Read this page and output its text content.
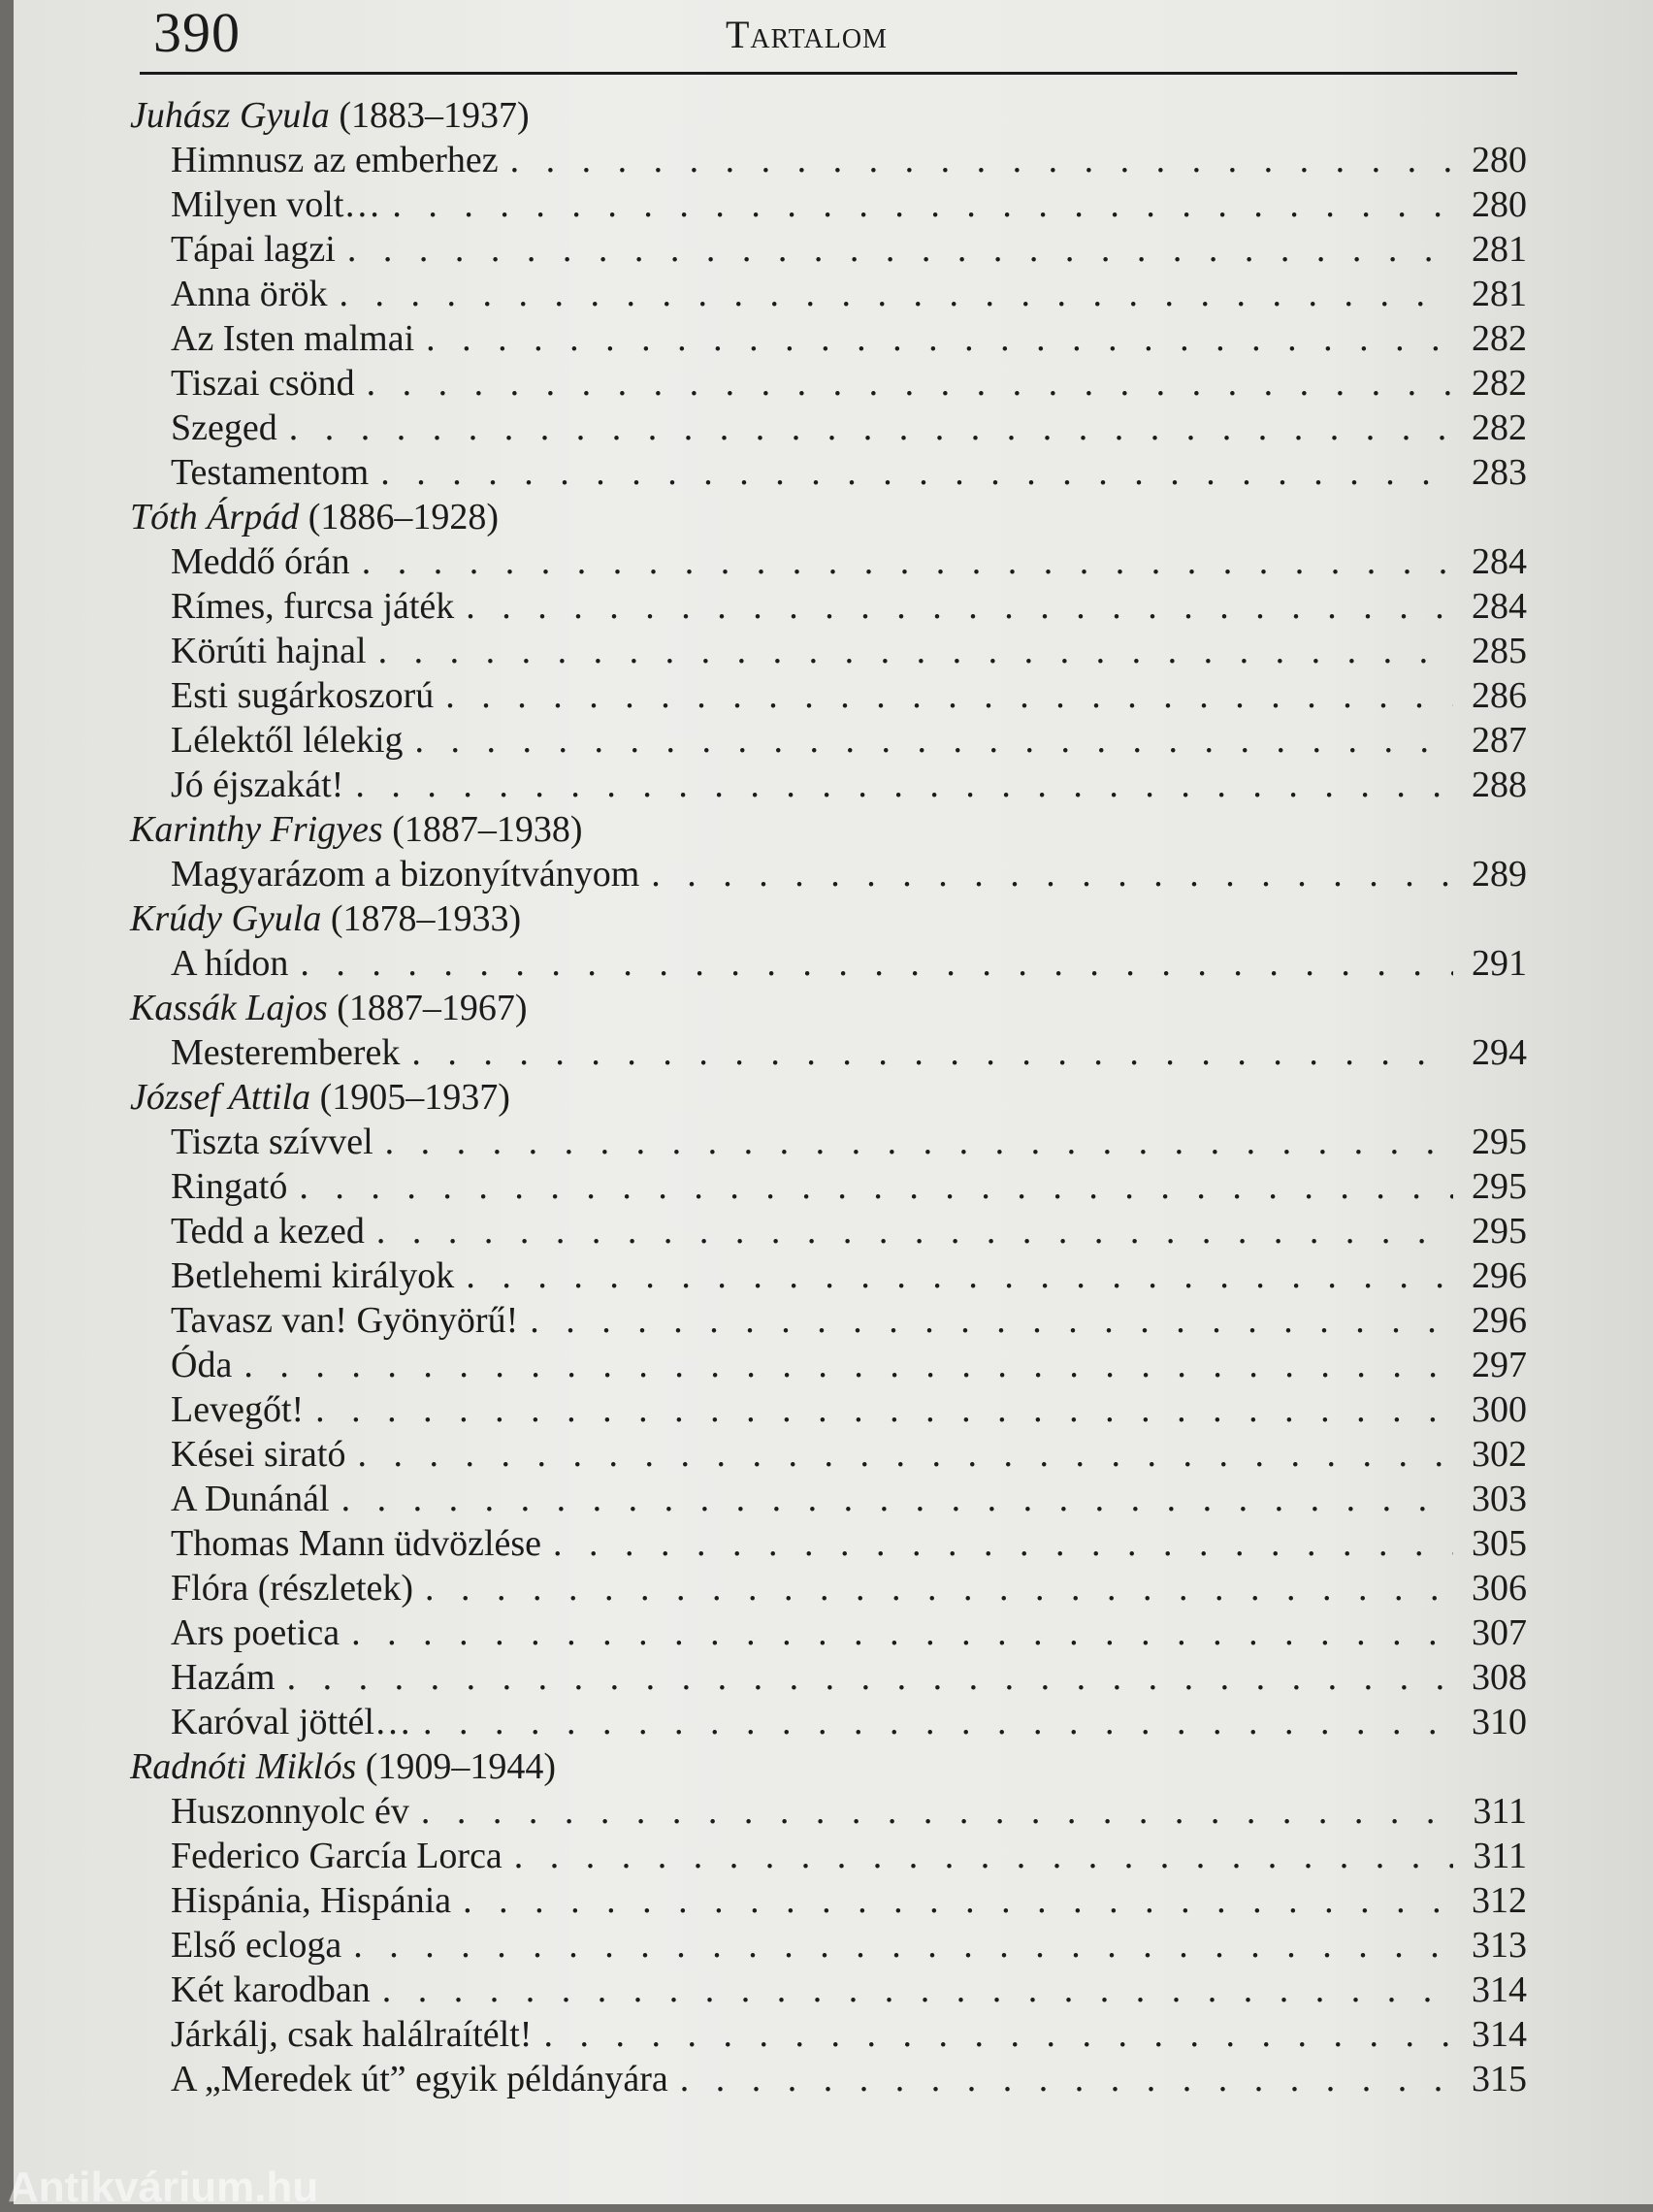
390	Tartalom
Juhász Gyula (1883–1937)
Himnusz az emberhez . . .	280
Milyen volt… . . .	280
Tápai lagzi . . .	281
Anna örök . . .	281
Az Isten malmai . . .	282
Tiszai csönd . . .	282
Szeged . . .	282
Testamentom . . .	283
Tóth Árpád (1886–1928)
Meddő órán . . .	284
Rímes, furcsa játék . . .	284
Körúti hajnal . . .	285
Esti sugárkoszorú . . .	286
Lélektől lélekig . . .	287
Jó éjszakát! . . .	288
Karinthy Frigyes (1887–1938)
Magyarázom a bizonyítványom . . .	289
Krúdy Gyula (1878–1933)
A hídon . . .	291
Kassák Lajos (1887–1967)
Mesteremberek . . .	294
József Attila (1905–1937)
Tiszta szívvel . . .	295
Ringató . . .	295
Tedd a kezed . . .	295
Betlehemi királyok . . .	296
Tavasz van! Gyönyörű! . . .	296
Óda . . .	297
Levegőt! . . .	300
Kései sirató . . .	302
A Dunánál . . .	303
Thomas Mann üdvözlése . . .	305
Flóra (részletek) . . .	306
Ars poetica . . .	307
Hazám . . .	308
Karóval jöttél… . . .	310
Radnóti Miklós (1909–1944)
Huszonnyolc év . . .	311
Federico García Lorca . . .	311
Hispánia, Hispánia . . .	312
Első ecloga . . .	313
Két karodban . . .	314
Járkálj, csak halálraítélt! . . .	314
A „Meredek út” egyik példányára . . .	315
Antikvárium.hu
